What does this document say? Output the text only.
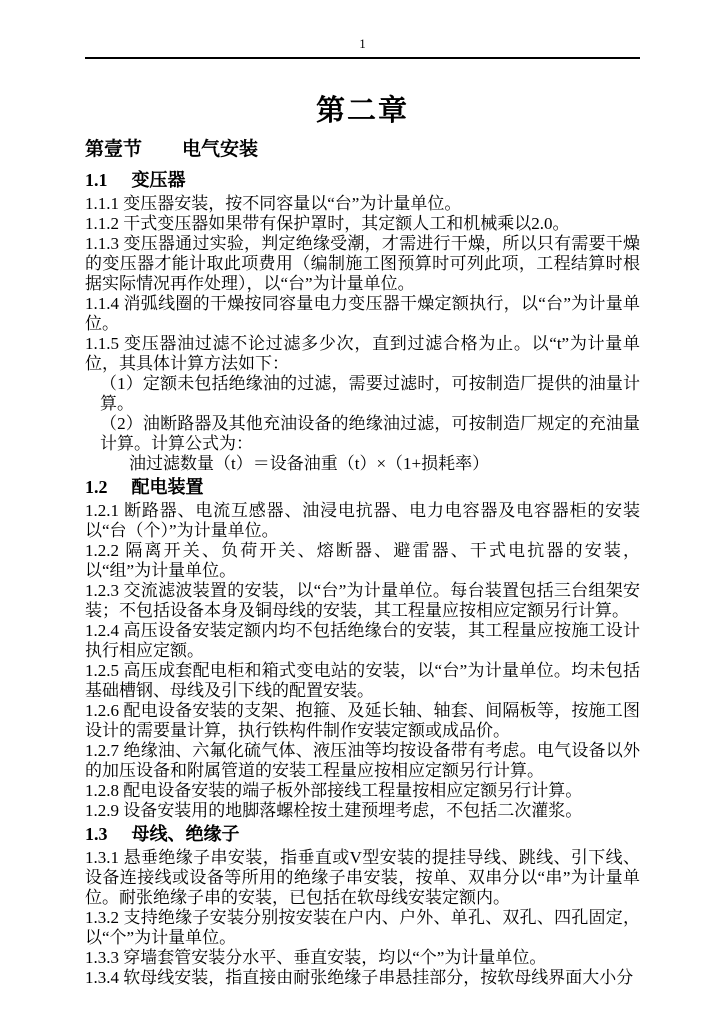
1
第二章
第壹节 电气安装
1.1 变压器

1.1.1 变压器安装，按不同容量以“台”为计量单位。

1.1.2 干式变压器如果带有保护罩时，其定额人工和机械乘以2.0。

1.1.3 变压器通过实验，判定绝缘受潮，才需进行干燥，所以只有需要干燥的变压器才能计取此项费用（编制施工图预算时可列此项，工程结算时根据实际情况再作处理），以“台”为计量单位。

1.1.4 消弧线圈的干燥按同容量电力变压器干燥定额执行，以“台”为计量单位。

1.1.5 变压器油过滤不论过滤多少次，直到过滤合格为止。以“t”为计量单位，其具体计算方法如下：

（1）定额未包括绝缘油的过滤，需要过滤时，可按制造厂提供的油量计算。

（2）油断路器及其他充油设备的绝缘油过滤，可按制造厂规定的充油量计算。计算公式为：

油过滤数量（t）＝设备油重（t）×（1+损耗率）

1.2 配电装置

1.2.1 断路器、电流互感器、油浸电抗器、电力电容器及电容器柜的安装以“台（个）”为计量单位。

1.2.2 隔离开关、负荷开关、熔断器、避雷器、干式电抗器的安装，以“组”为计量单位。

1.2.3 交流滤波装置的安装，以“台”为计量单位。每台装置包括三台组架安装；不包括设备本身及铜母线的安装，其工程量应按相应定额另行计算。

1.2.4 高压设备安装定额内均不包括绝缘台的安装，其工程量应按施工设计执行相应定额。

1.2.5 高压成套配电柜和箱式变电站的安装，以“台”为计量单位。均未包括基础槽钢、母线及引下线的配置安装。

1.2.6 配电设备安装的支架、抱箍、及延长轴、轴套、间隔板等，按施工图设计的需要量计算，执行铁构件制作安装定额或成品价。

1.2.7 绝缘油、六氟化硫气体、液压油等均按设备带有考虑。电气设备以外的加压设备和附属管道的安装工程量应按相应定额另行计算。

1.2.8 配电设备安装的端子板外部接线工程量按相应定额另行计算。

1.2.9 设备安装用的地脚落螺栓按土建预埋考虑，不包括二次灌浆。

1.3 母线、绝缘子

1.3.1 悬垂绝缘子串安装，指垂直或V型安装的提挂导线、跳线、引下线、设备连接线或设备等所用的绝缘子串安装，按单、双串分以“串”为计量单位。耐张绝缘子串的安装，已包括在软母线安装定额内。

1.3.2 支持绝缘子安装分别按安装在户内、户外、单孔、双孔、四孔固定，以“个”为计量单位。

1.3.3 穿墙套管安装分水平、垂直安装，均以“个”为计量单位。

1.3.4 软母线安装，指直接由耐张绝缘子串悬挂部分，按软母线界面大小分
